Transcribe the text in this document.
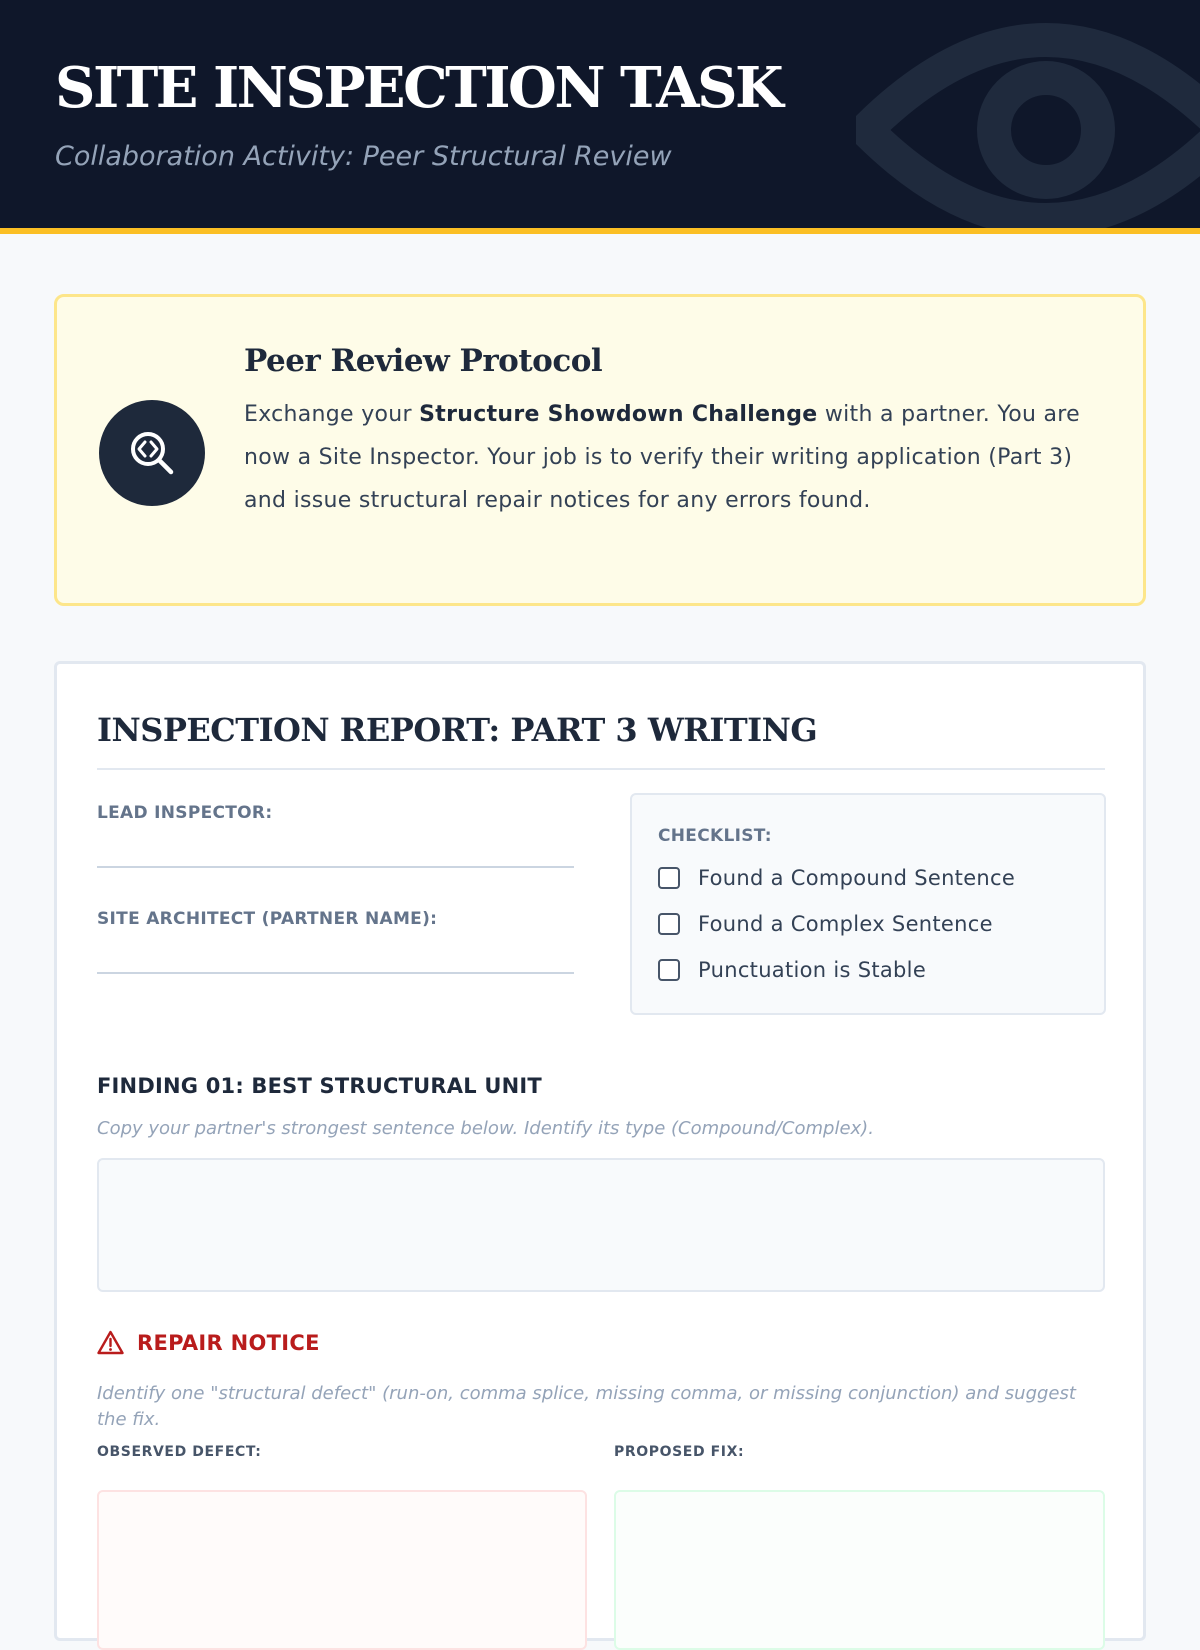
SITE INSPECTION TASK
Collaboration Activity: Peer Structural Review
Peer Review Protocol
Exchange your Structure Showdown Challenge with a partner. You are now a Site Inspector. Your job is to verify their writing application (Part 3) and issue structural repair notices for any errors found.
INSPECTION REPORT: PART 3 WRITING
LEAD INSPECTOR:
SITE ARCHITECT (PARTNER NAME):
CHECKLIST:
Found a Compound Sentence
Found a Complex Sentence
Punctuation is Stable
FINDING 01: BEST STRUCTURAL UNIT
Copy your partner's strongest sentence below. Identify its type (Compound/Complex).
REPAIR NOTICE
Identify one "structural defect" (run-on, comma splice, missing comma, or missing conjunction) and suggest the fix.
OBSERVED DEFECT:	PROPOSED FIX:
